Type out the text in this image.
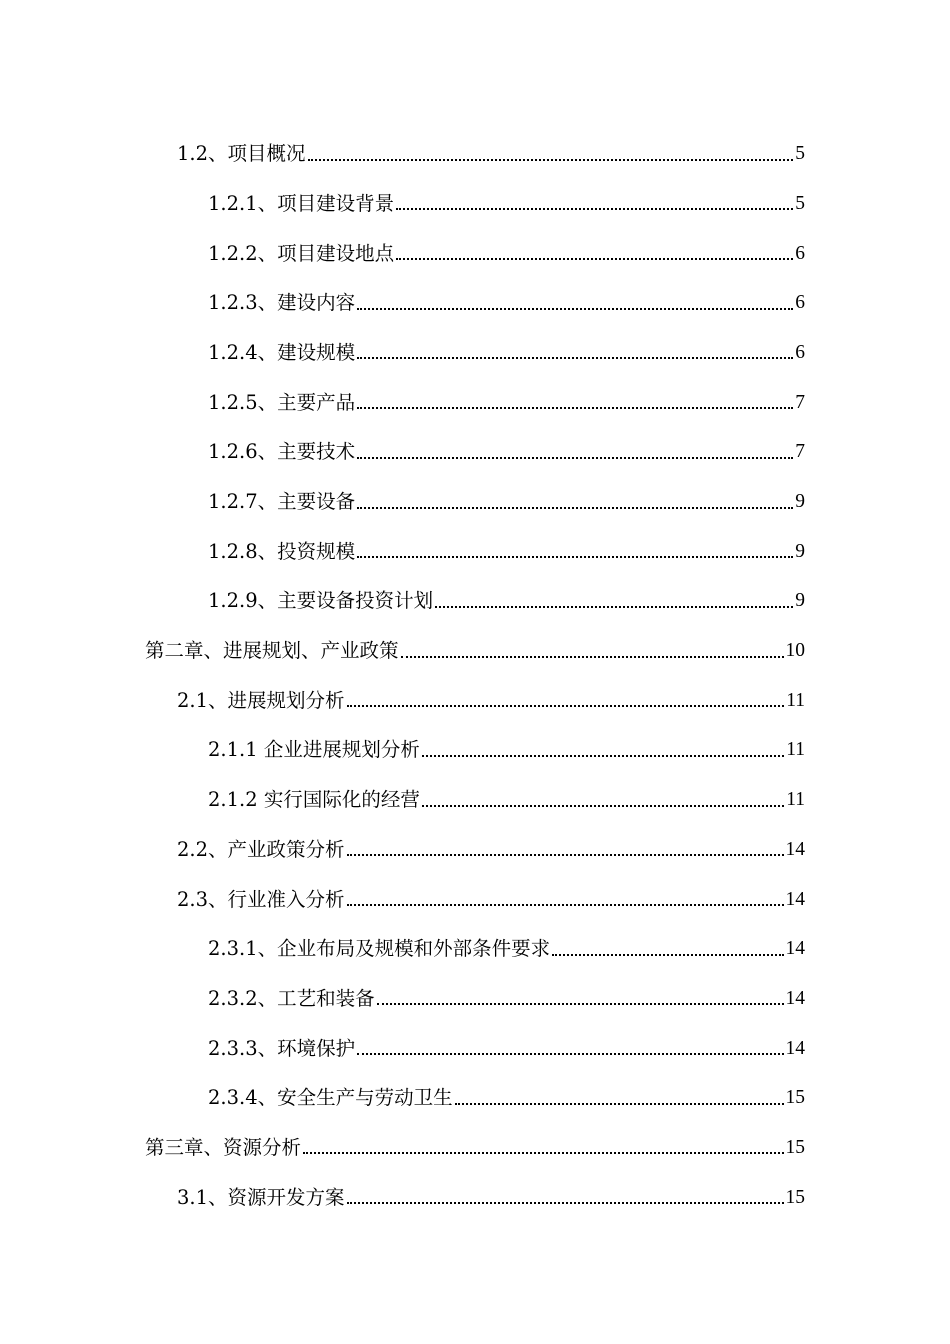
1.2、项目概况	5
1.2.1、项目建设背景	5
1.2.2、项目建设地点	6
1.2.3、建设内容	6
1.2.4、建设规模	6
1.2.5、主要产品	7
1.2.6、主要技术	7
1.2.7、主要设备	9
1.2.8、投资规模	9
1.2.9、主要设备投资计划	9
第二章、进展规划、产业政策	10
2.1、进展规划分析	11
2.1.1 企业进展规划分析	11
2.1.2 实行国际化的经营	11
2.2、产业政策分析	14
2.3、行业准入分析	14
2.3.1、企业布局及规模和外部条件要求	14
2.3.2、工艺和装备	14
2.3.3、环境保护	14
2.3.4、安全生产与劳动卫生	15
第三章、资源分析	15
3.1、资源开发方案	15
